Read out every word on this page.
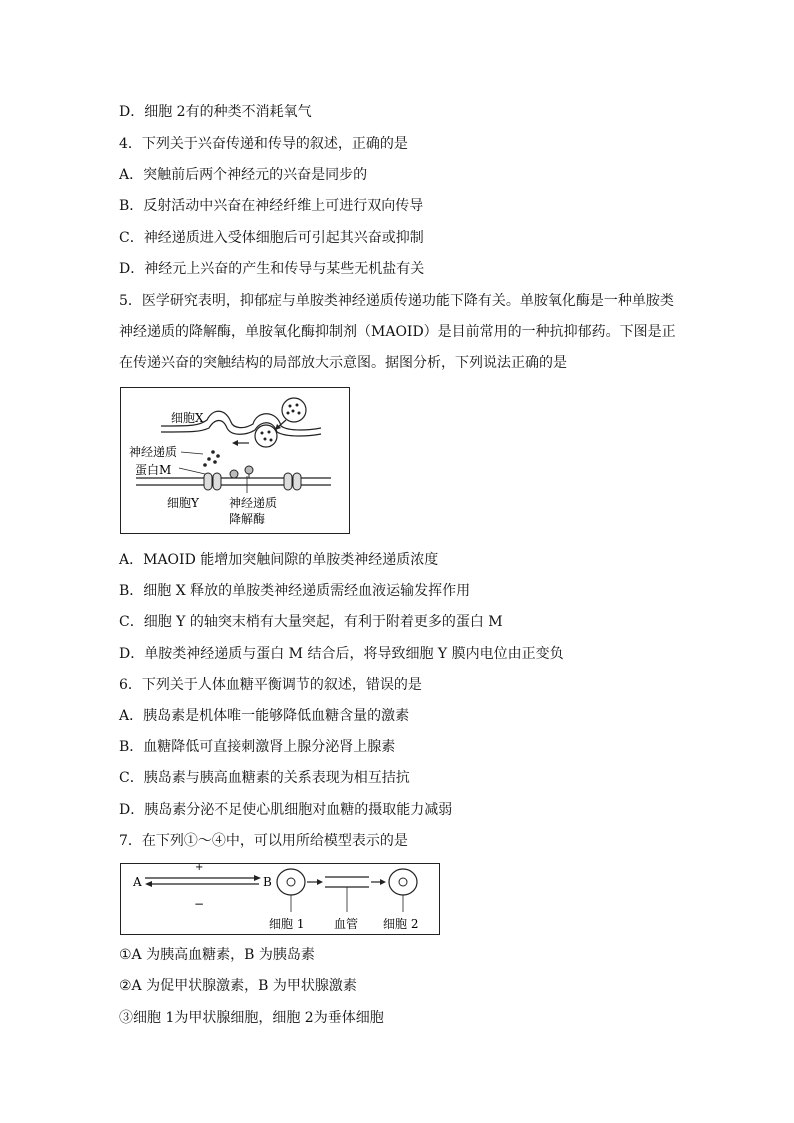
D．细胞 2有的种类不消耗氧气
4．下列关于兴奋传递和传导的叙述，正确的是
A．突触前后两个神经元的兴奋是同步的
B．反射活动中兴奋在神经纤维上可进行双向传导
C．神经递质进入受体细胞后可引起其兴奋或抑制
D．神经元上兴奋的产生和传导与某些无机盐有关
5．医学研究表明，抑郁症与单胺类神经递质传递功能下降有关。单胺氧化酶是一种单胺类
神经递质的降解酶，单胺氧化酶抑制剂（MAOID）是目前常用的一种抗抑郁药。下图是正
在传递兴奋的突触结构的局部放大示意图。据图分析，下列说法正确的是
细胞X
神经递质
蛋白M
细胞Y	神经递质
降解酶
A．MAOID 能增加突触间隙的单胺类神经递质浓度
B．细胞 X 释放的单胺类神经递质需经血液运输发挥作用
C．细胞 Y 的轴突末梢有大量突起，有利于附着更多的蛋白 M
D．单胺类神经递质与蛋白 M 结合后，将导致细胞 Y 膜内电位由正变负
6．下列关于人体血糖平衡调节的叙述，错误的是
A．胰岛素是机体唯一能够降低血糖含量的激素
B．血糖降低可直接刺激肾上腺分泌肾上腺素
C．胰岛素与胰高血糖素的关系表现为相互拮抗
D．胰岛素分泌不足使心肌细胞对血糖的摄取能力减弱
7．在下列①～④中，可以用所给模型表示的是
A	B
+
−
细胞 1 血管 细胞 2
①A 为胰高血糖素，B 为胰岛素
②A 为促甲状腺激素，B 为甲状腺激素
③细胞 1为甲状腺细胞，细胞 2为垂体细胞
